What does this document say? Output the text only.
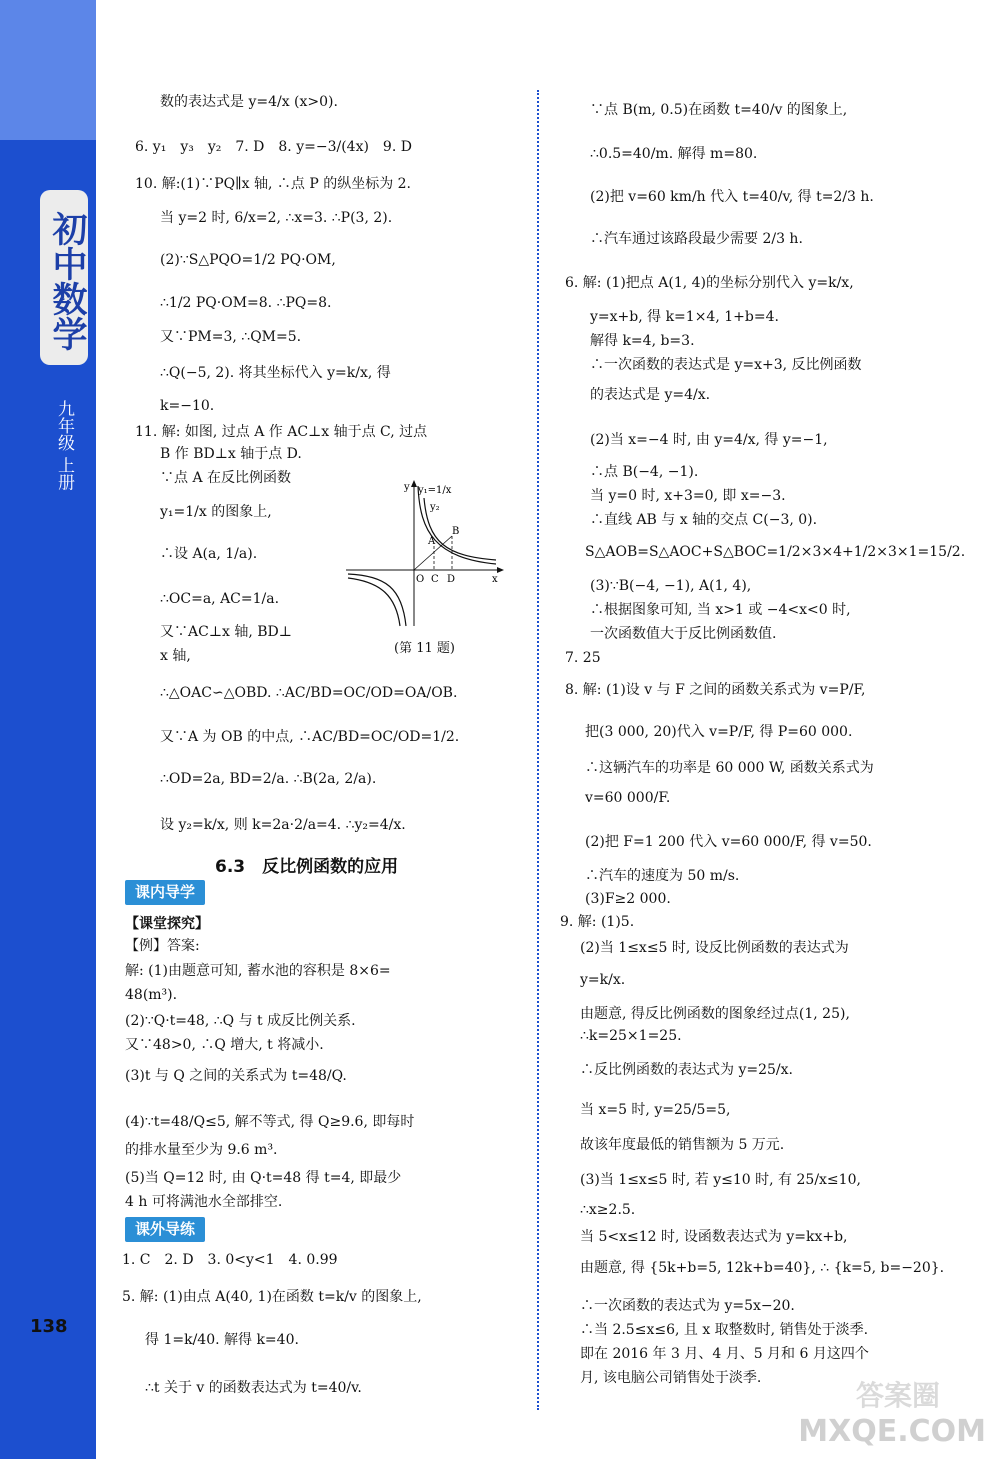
初中数学
九年级 上册
138
数的表达式是 y=4/x (x>0).
6. y₁　y₃　y₂　7. D　8. y=−3/(4x)　9. D
10. 解:(1)∵PQ∥x 轴, ∴点 P 的纵坐标为 2.
当 y=2 时, 6/x=2, ∴x=3. ∴P(3, 2).
(2)∵S△PQO=1/2 PQ·OM,
∴1/2 PQ·OM=8. ∴PQ=8.
又∵PM=3, ∴QM=5.
∴Q(−5, 2). 将其坐标代入 y=k/x, 得
k=−10.
11. 解: 如图, 过点 A 作 AC⊥x 轴于点 C, 过点
B 作 BD⊥x 轴于点 D.
∵点 A 在反比例函数
y₁=1/x 的图象上,
∴设 A(a, 1/a).
∴OC=a, AC=1/a.
又∵AC⊥x 轴, BD⊥
x 轴,
∴△OAC∽△OBD. ∴AC/BD=OC/OD=OA/OB.
又∵A 为 OB 的中点, ∴AC/BD=OC/OD=1/2.
∴OD=2a, BD=2/a. ∴B(2a, 2/a).
设 y₂=k/x, 则 k=2a·2/a=4. ∴y₂=4/x.
6.3　反比例函数的应用
课内导学
【课堂探究】
【例】答案:
解: (1)由题意可知, 蓄水池的容积是 8×6=
48(m³).
(2)∵Q·t=48, ∴Q 与 t 成反比例关系.
又∵48>0, ∴Q 增大, t 将减小.
(3)t 与 Q 之间的关系式为 t=48/Q.
(4)∵t=48/Q≤5, 解不等式, 得 Q≥9.6, 即每时
的排水量至少为 9.6 m³.
(5)当 Q=12 时, 由 Q·t=48 得 t=4, 即最少
4 h 可将满池水全部排空.
课外导练
1. C　2. D　3. 0<y<1　4. 0.99
5. 解: (1)由点 A(40, 1)在函数 t=k/v 的图象上,
得 1=k/40. 解得 k=40.
∴t 关于 v 的函数表达式为 t=40/v.
y₁=1/x
y₂
A
B
O C D	x
y
(第 11 题)
∵点 B(m, 0.5)在函数 t=40/v 的图象上,
∴0.5=40/m. 解得 m=80.
(2)把 v=60 km/h 代入 t=40/v, 得 t=2/3 h.
∴汽车通过该路段最少需要 2/3 h.
6. 解: (1)把点 A(1, 4)的坐标分别代入 y=k/x,
y=x+b, 得 k=1×4, 1+b=4.
解得 k=4, b=3.
∴一次函数的表达式是 y=x+3, 反比例函数
的表达式是 y=4/x.
(2)当 x=−4 时, 由 y=4/x, 得 y=−1,
∴点 B(−4, −1).
当 y=0 时, x+3=0, 即 x=−3.
∴直线 AB 与 x 轴的交点 C(−3, 0).
S△AOB=S△AOC+S△BOC=1/2×3×4+1/2×3×1=15/2.
(3)∵B(−4, −1), A(1, 4),
∴根据图象可知, 当 x>1 或 −4<x<0 时,
一次函数值大于反比例函数值.
7. 25
8. 解: (1)设 v 与 F 之间的函数关系式为 v=P/F,
把(3 000, 20)代入 v=P/F, 得 P=60 000.
∴这辆汽车的功率是 60 000 W, 函数关系式为
v=60 000/F.
(2)把 F=1 200 代入 v=60 000/F, 得 v=50.
∴汽车的速度为 50 m/s.
(3)F≥2 000.
9. 解: (1)5.
(2)当 1≤x≤5 时, 设反比例函数的表达式为
y=k/x.
由题意, 得反比例函数的图象经过点(1, 25),
∴k=25×1=25.
∴反比例函数的表达式为 y=25/x.
当 x=5 时, y=25/5=5,
故该年度最低的销售额为 5 万元.
(3)当 1≤x≤5 时, 若 y≤10 时, 有 25/x≤10,
∴x≥2.5.
当 5<x≤12 时, 设函数表达式为 y=kx+b,
由题意, 得 {5k+b=5, 12k+b=40}, ∴ {k=5, b=−20}.
∴一次函数的表达式为 y=5x−20.
∴当 2.5≤x≤6, 且 x 取整数时, 销售处于淡季.
即在 2016 年 3 月、4 月、5 月和 6 月这四个
月, 该电脑公司销售处于淡季.
答案圈
MXQE.COM
